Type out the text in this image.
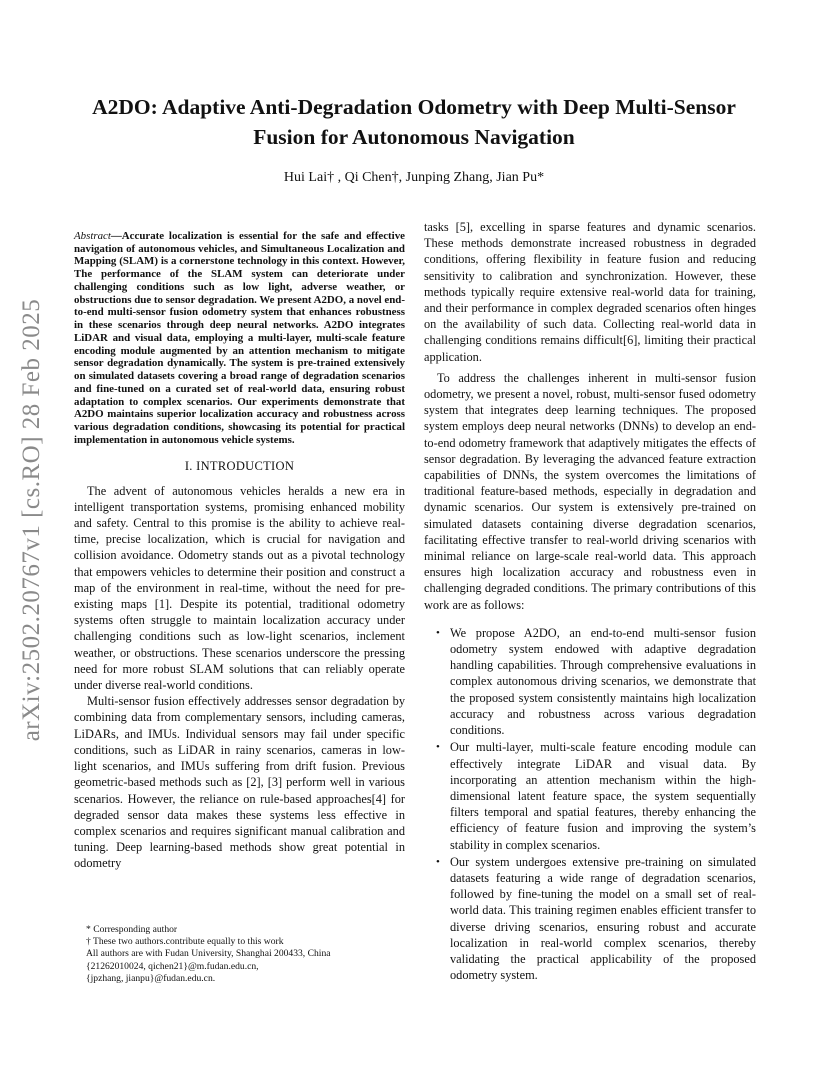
arXiv:2502.20767v1 [cs.RO] 28 Feb 2025
A2DO: Adaptive Anti-Degradation Odometry with Deep Multi-Sensor
Fusion for Autonomous Navigation
Hui Lai† , Qi Chen†, Junping Zhang, Jian Pu*

Abstract—Accurate localization is essential for the safe and effective navigation of autonomous vehicles, and Simultaneous Localization and Mapping (SLAM) is a cornerstone technology in this context. However, The performance of the SLAM system can deteriorate under challenging conditions such as low light, adverse weather, or obstructions due to sensor degradation. We present A2DO, a novel end-to-end multi-sensor fusion odometry system that enhances robustness in these scenarios through deep neural networks. A2DO integrates LiDAR and visual data, employing a multi-layer, multi-scale feature encoding module augmented by an attention mechanism to mitigate sensor degradation dynamically. The system is pre-trained extensively on simulated datasets covering a broad range of degradation scenarios and fine-tuned on a curated set of real-world data, ensuring robust adaptation to complex scenarios. Our experiments demonstrate that A2DO maintains superior localization accuracy and robustness across various degradation conditions, showcasing its potential for practical implementation in autonomous vehicle systems.

I. INTRODUCTION

The advent of autonomous vehicles heralds a new era in intelligent transportation systems, promising enhanced mobility and safety. Central to this promise is the ability to achieve real-time, precise localization, which is crucial for navigation and collision avoidance. Odometry stands out as a pivotal technology that empowers vehicles to determine their position and construct a map of the environment in real-time, without the need for pre-existing maps [1]. Despite its potential, traditional odometry systems often struggle to maintain localization accuracy under challenging conditions such as low-light scenarios, inclement weather, or obstructions. These scenarios underscore the pressing need for more robust SLAM solutions that can reliably operate under diverse real-world conditions.

Multi-sensor fusion effectively addresses sensor degradation by combining data from complementary sensors, including cameras, LiDARs, and IMUs. Individual sensors may fail under specific conditions, such as LiDAR in rainy scenarios, cameras in low-light scenarios, and IMUs suffering from drift fusion. Previous geometric-based methods such as [2], [3] perform well in various scenarios. However, the reliance on rule-based approaches[4] for degraded sensor data makes these systems less effective in complex scenarios and requires significant manual calibration and tuning. Deep learning-based methods show great potential in odometry

tasks [5], excelling in sparse features and dynamic scenarios. These methods demonstrate increased robustness in degraded conditions, offering flexibility in feature fusion and reducing sensitivity to calibration and synchronization. However, these methods typically require extensive real-world data for training, and their performance in complex degraded scenarios often hinges on the availability of such data. Collecting real-world data in challenging conditions remains difficult[6], limiting their practical application.

To address the challenges inherent in multi-sensor fusion odometry, we present a novel, robust, multi-sensor fused odometry system that integrates deep learning techniques. The proposed system employs deep neural networks (DNNs) to develop an end-to-end odometry framework that adaptively mitigates the effects of sensor degradation. By leveraging the advanced feature extraction capabilities of DNNs, the system overcomes the limitations of traditional feature-based methods, especially in degradation and dynamic scenarios. Our system is extensively pre-trained on simulated datasets containing diverse degradation scenarios, facilitating effective transfer to real-world driving scenarios with minimal reliance on large-scale real-world data. This approach ensures high localization accuracy and robustness even in challenging degraded conditions. The primary contributions of this work are as follows:

• We propose A2DO, an end-to-end multi-sensor fusion odometry system endowed with adaptive degradation handling capabilities. Through comprehensive evaluations in complex autonomous driving scenarios, we demonstrate that the proposed system consistently maintains high localization accuracy and robustness across various degradation conditions.
• Our multi-layer, multi-scale feature encoding module can effectively integrate LiDAR and visual data. By incorporating an attention mechanism within the high-dimensional latent feature space, the system sequentially filters temporal and spatial features, thereby enhancing the efficiency of feature fusion and improving the system’s stability in complex scenarios.
• Our system undergoes extensive pre-training on simulated datasets featuring a wide range of degradation scenarios, followed by fine-tuning the model on a small set of real-world data. This training regimen enables efficient transfer to diverse driving scenarios, ensuring robust and accurate localization in real-world complex scenarios, thereby validating the practical applicability of the proposed odometry system.
* Corresponding author
† These two authors.contribute equally to this work
All authors are with Fudan University, Shanghai 200433, China
{21262010024, qichen21}@m.fudan.edu.cn,
{jpzhang, jianpu}@fudan.edu.cn.
